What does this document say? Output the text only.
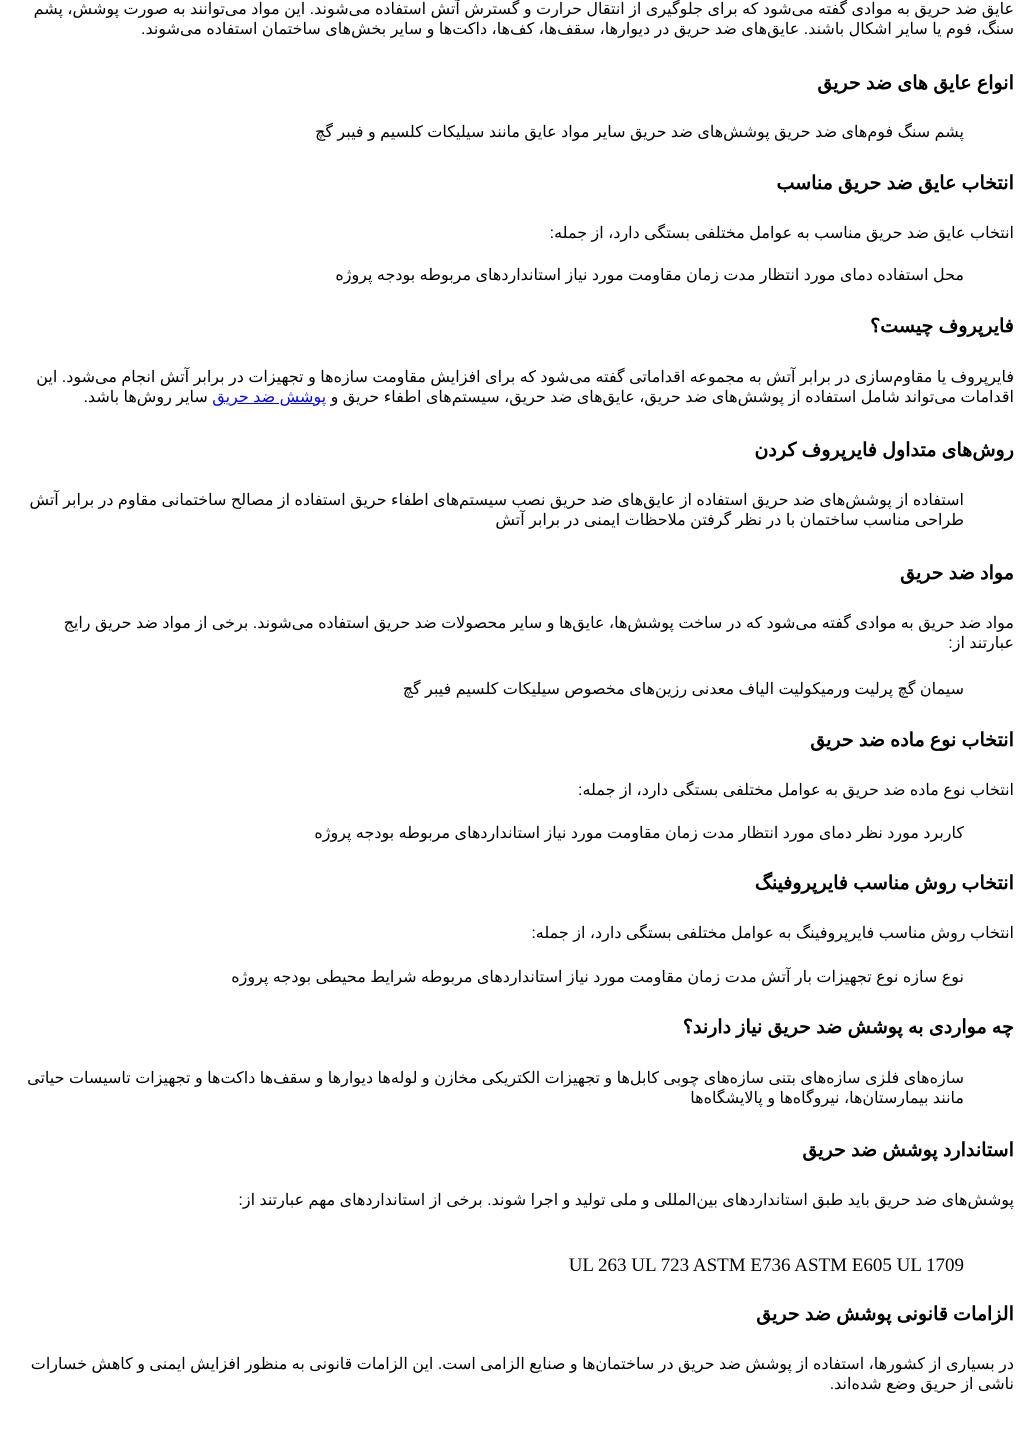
عایق ضد حریق به موادی گفته می‌شود که برای جلوگیری از انتقال حرارت و گسترش آتش استفاده می‌شوند. این مواد می‌توانند به صورت پوشش، پشم سنگ، فوم یا سایر اشکال باشند. عایق‌های ضد حریق در دیوارها، سقف‌ها، کف‌ها، داکت‌ها و سایر بخش‌های ساختمان استفاده می‌شوند.

انواع عایق های ضد حریق

پشم سنگ فوم‌های ضد حریق پوشش‌های ضد حریق سایر مواد عایق مانند سیلیکات کلسیم و فیبر گچ

انتخاب عایق ضد حریق مناسب

انتخاب عایق ضد حریق مناسب به عوامل مختلفی بستگی دارد، از جمله:

محل استفاده دمای مورد انتظار مدت زمان مقاومت مورد نیاز استانداردهای مربوطه بودجه پروژه

فایرپروف چیست؟

فایرپروف یا مقاوم‌سازی در برابر آتش به مجموعه اقداماتی گفته می‌شود که برای افزایش مقاومت سازه‌ها و تجهیزات در برابر آتش انجام می‌شود. این اقدامات می‌تواند شامل استفاده از پوشش‌های ضد حریق، عایق‌های ضد حریق، سیستم‌های اطفاء حریق و پوشش ضد حریق سایر روش‌ها باشد.

روش‌های متداول فایرپروف کردن

استفاده از پوشش‌های ضد حریق استفاده از عایق‌های ضد حریق نصب سیستم‌های اطفاء حریق استفاده از مصالح ساختمانی مقاوم در برابر آتش طراحی مناسب ساختمان با در نظر گرفتن ملاحظات ایمنی در برابر آتش

مواد ضد حریق

مواد ضد حریق به موادی گفته می‌شود که در ساخت پوشش‌ها، عایق‌ها و سایر محصولات ضد حریق استفاده می‌شوند. برخی از مواد ضد حریق رایج عبارتند از:

سیمان گچ پرلیت ورمیکولیت الیاف معدنی رزین‌های مخصوص سیلیکات کلسیم فیبر گچ

انتخاب نوع ماده ضد حریق

انتخاب نوع ماده ضد حریق به عوامل مختلفی بستگی دارد، از جمله:

کاربرد مورد نظر دمای مورد انتظار مدت زمان مقاومت مورد نیاز استانداردهای مربوطه بودجه پروژه

انتخاب روش مناسب فایرپروفینگ

انتخاب روش مناسب فایرپروفینگ به عوامل مختلفی بستگی دارد، از جمله:

نوع سازه نوع تجهیزات بار آتش مدت زمان مقاومت مورد نیاز استانداردهای مربوطه شرایط محیطی بودجه پروژه

چه مواردی به پوشش ضد حریق نیاز دارند؟

سازه‌های فلزی سازه‌های بتنی سازه‌های چوبی کابل‌ها و تجهیزات الکتریکی مخازن و لوله‌ها دیوارها و سقف‌ها داکت‌ها و تجهیزات تاسیسات حیاتی مانند بیمارستان‌ها، نیروگاه‌ها و پالایشگاه‌ها

استاندارد پوشش ضد حریق

پوشش‌های ضد حریق باید طبق استانداردهای بین‌المللی و ملی تولید و اجرا شوند. برخی از استانداردهای مهم عبارتند از:

UL 263 UL 723 ASTM E736 ASTM E605 UL 1709

الزامات قانونی پوشش ضد حریق

در بسیاری از کشورها، استفاده از پوشش ضد حریق در ساختمان‌ها و صنایع الزامی است. این الزامات قانونی به منظور افزایش ایمنی و کاهش خسارات ناشی از حریق وضع شده‌اند.
